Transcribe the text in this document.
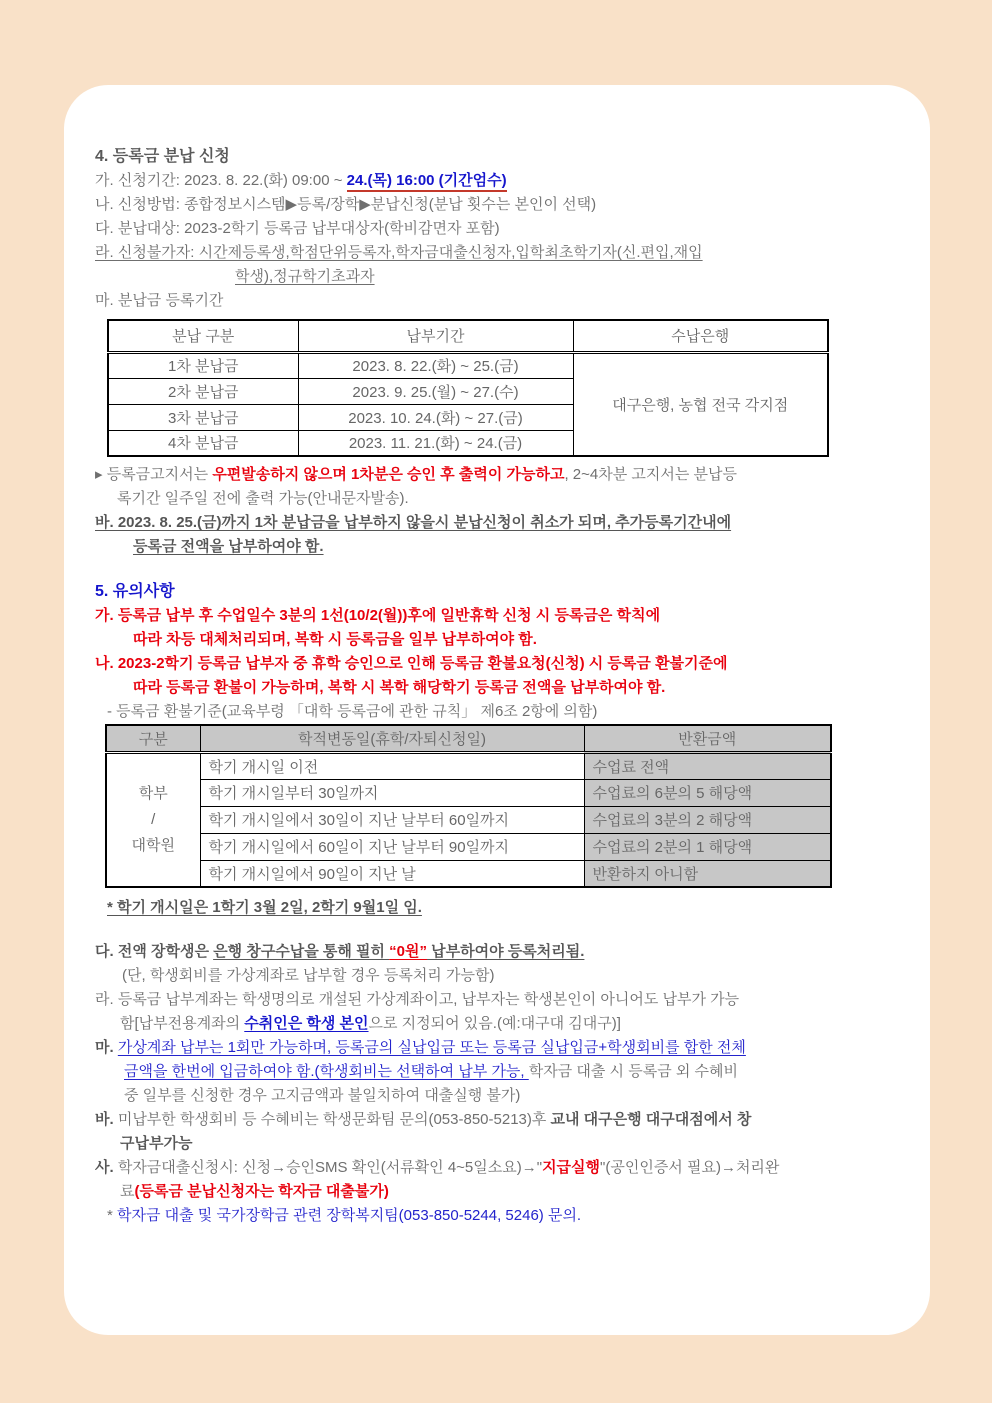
4. 등록금 분납 신청
가. 신청기간: 2023. 8. 22.(화) 09:00 ~ 24.(목) 16:00 (기간엄수)
나. 신청방법: 종합정보시스템▶등록/장학▶분납신청(분납 횟수는 본인이 선택)
다. 분납대상: 2023-2학기 등록금 납부대상자(학비감면자 포함)
라. 신청불가자: 시간제등록생,학점단위등록자,학자금대출신청자,입학최초학기자(신.편입,재입
학생),정규학기초과자
마. 분납금 등록기간
분납 구분	납부기간	수납은행
1차 분납금	2023. 8. 22.(화) ~ 25.(금)	대구은행, 농협 전국 각지점
2차 분납금	2023. 9. 25.(월) ~ 27.(수)	
3차 분납금	2023. 10. 24.(화) ~ 27.(금)	
4차 분납금	2023. 11. 21.(화) ~ 24.(금)	
▸ 등록금고지서는 우편발송하지 않으며 1차분은 승인 후 출력이 가능하고, 2~4차분 고지서는 분납등
록기간 일주일 전에 출력 가능(안내문자발송).
바. 2023. 8. 25.(금)까지 1차 분납금을 납부하지 않을시 분납신청이 취소가 되며, 추가등록기간내에
등록금 전액을 납부하여야 함.
5. 유의사항
가. 등록금 납부 후 수업일수 3분의 1선(10/2(월))후에 일반휴학 신청 시 등록금은 학칙에
따라 차등 대체처리되며, 복학 시 등록금을 일부 납부하여야 함.
나. 2023-2학기 등록금 납부자 중 휴학 승인으로 인해 등록금 환불요청(신청) 시 등록금 환불기준에
따라 등록금 환불이 가능하며, 복학 시 복학 해당학기 등록금 전액을 납부하여야 함.
- 등록금 환불기준(교육부령 「대학 등록금에 관한 규칙」 제6조 2항에 의함)
구분	학적변동일(휴학/자퇴신청일)	반환금액

학부
/
대학원	학기 개시일 이전	수업료 전액
	학기 개시일부터 30일까지	수업료의 6분의 5 해당액
	학기 개시일에서 30일이 지난 날부터 60일까지	수업료의 3분의 2 해당액
	학기 개시일에서 60일이 지난 날부터 90일까지	수업료의 2분의 1 해당액
	학기 개시일에서 90일이 지난 날	반환하지 아니함
* 학기 개시일은 1학기 3월 2일, 2학기 9월1일 임.
다. 전액 장학생은 은행 창구수납을 통해 필히 “0원” 납부하여야 등록처리됨.
(단, 학생회비를 가상계좌로 납부할 경우 등록처리 가능함)
라. 등록금 납부계좌는 학생명의로 개설된 가상계좌이고, 납부자는 학생본인이 아니어도 납부가 가능
함[납부전용계좌의 수취인은 학생 본인으로 지정되어 있음.(예:대구대 김대구)]
마. 가상계좌 납부는 1회만 가능하며, 등록금의 실납입금 또는 등록금 실납입금+학생회비를 합한 전체
금액을 한번에 입금하여야 함.(학생회비는 선택하여 납부 가능, 학자금 대출 시 등록금 외 수혜비
중 일부를 신청한 경우 고지금액과 불일치하여 대출실행 불가)
바. 미납부한 학생회비 등 수혜비는 학생문화팀 문의(053-850-5213)후 교내 대구은행 대구대점에서 창
구납부가능
사. 학자금대출신청시: 신청→승인SMS 확인(서류확인 4~5일소요)→"지급실행"(공인인증서 필요)→처리완
료(등록금 분납신청자는 학자금 대출불가)
* 학자금 대출 및 국가장학금 관련 장학복지팀(053-850-5244, 5246) 문의.
